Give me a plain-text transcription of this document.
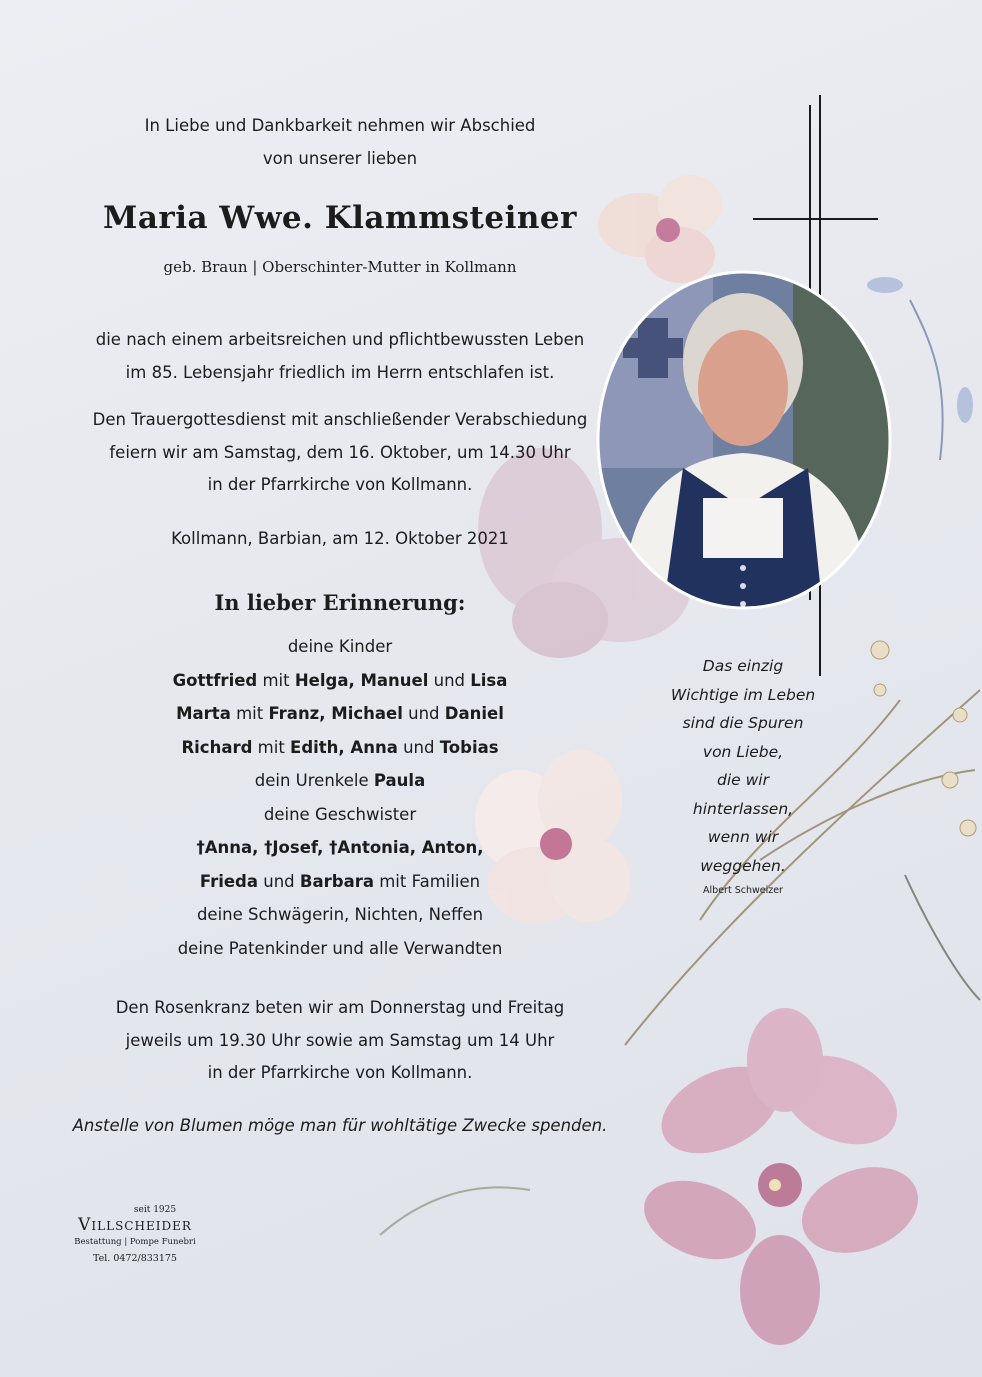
In Liebe und Dankbarkeit nehmen wir Abschied

von unserer lieben

Maria Wwe. Klammsteiner
geb. Braun | Oberschinter-Mutter in Kollmann

die nach einem arbeitsreichen und pflichtbewussten Leben

im 85. Lebensjahr friedlich im Herrn entschlafen ist.

Den Trauergottesdienst mit anschließender Verabschiedung

feiern wir am Samstag, dem 16. Oktober, um 14.30 Uhr

in der Pfarrkirche von Kollmann.

Kollmann, Barbian, am 12. Oktober 2021

In lieber Erinnerung:
deine Kinder
Gottfried mit Helga, Manuel und Lisa
Marta mit Franz, Michael und Daniel
Richard mit Edith, Anna und Tobias
dein Urenkele Paula
deine Geschwister
†Anna, †Josef, †Antonia, Anton,
Frieda und Barbara mit Familien
deine Schwägerin, Nichten, Neffen
deine Patenkinder und alle Verwandten

Den Rosenkranz beten wir am Donnerstag und Freitag

jeweils um 19.30 Uhr sowie am Samstag um 14 Uhr

in der Pfarrkirche von Kollmann.

Anstelle von Blumen möge man für wohltätige Zwecke spenden.

Das einzig
Wichtige im Leben
sind die Spuren
von Liebe,
die wir hinterlassen,
wenn wir weggehen.
Albert Schweizer
seit 1925
Villscheider
Bestattung | Pompe Funebri
Tel. 0472/833175
